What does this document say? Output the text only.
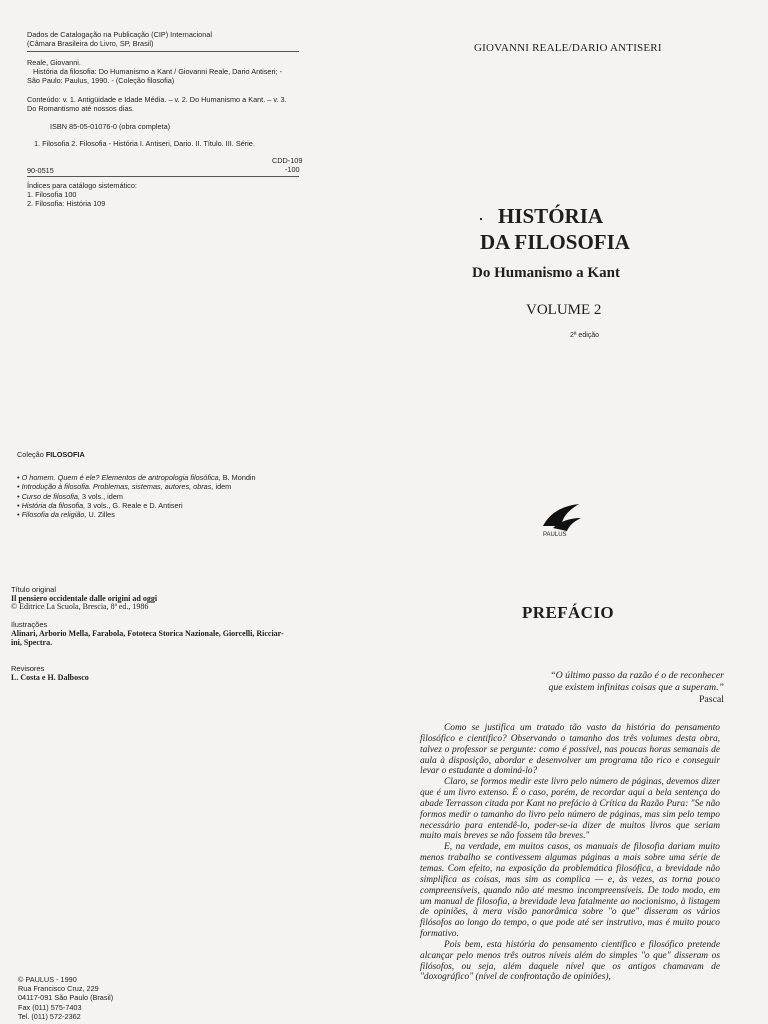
Dados de Catalogação na Publicação (CIP) Internacional
(Câmara Brasileira do Livro, SP, Brasil)
Reale, Giovanni.
História da filosofia: Do Humanismo a Kant / Giovanni Reale, Dario Antiseri; -
São Paulo: Paulus, 1990. - (Coleção filosofia)
Conteúdo: v. 1. Antigüidade e Idade Média. – v. 2. Do Humanismo a Kant. – v. 3.
Do Romantismo até nossos dias.
ISBN 85-05-01076-0 (obra completa)
1. Filosofia 2. Filosofia - História I. Antiseri, Dario. II. Título. III. Série.
CDD-109
90-0515	-100
Índices para catálogo sistemático:
1. Filosofia 100
2. Filosofia: História 109
Coleção FILOSOFIA
• O homem. Quem é ele? Elementos de antropologia filosófica, B. Mondin
• Introdução à filosofia. Problemas, sistemas, autores, obras, idem
• Curso de filosofia, 3 vols., idem
• História da filosofia, 3 vols., G. Reale e D. Antiseri
• Filosofia da religião, U. Zilles
GIOVANNI REALE/DARIO ANTISERI
HISTÓRIA
DA FILOSOFIA
Do Humanismo a Kant
VOLUME 2
2ª edição
PAULUS
Título original
Il pensiero occidentale dalle origini ad oggi
© Editrice La Scuola, Brescia, 8ª ed., 1986
Ilustrações
Alinari, Arborio Mella, Farabola, Fototeca Storica Nazionale, Giorcelli, Ricciar-
ini, Spectra.
Revisores
L. Costa e H. Dalbosco
© PAULUS - 1990
Rua Francisco Cruz, 229
04117-091 São Paulo (Brasil)
Fax (011) 575-7403
Tel. (011) 572-2362
PREFÁCIO
“O último passo da razão é o de reconhecer
que existem infinitas coisas que a superam.”
Pascal

Como se justifica um tratado tão vasto da história do pensamento filosófico e científico? Observando o tamanho dos três volumes desta obra, talvez o professor se pergunte: como é possível, nas poucas horas semanais de aula à disposição, abordar e desenvolver um programa tão rico e conseguir levar o estudante a dominá-lo?

Claro, se formos medir este livro pelo número de páginas, devemos dizer que é um livro extenso. É o caso, porém, de recordar aqui a bela sentença do abade Terrasson citada por Kant no prefácio à Crítica da Razão Pura: "Se não formos medir o tamanho do livro pelo número de páginas, mas sim pelo tempo necessário para entendê-lo, poder-se-ia dizer de muitos livros que seriam muito mais breves se não fossem tão breves."

E, na verdade, em muitos casos, os manuais de filosofia dariam muito menos trabalho se contivessem algumas páginas a mais sobre uma série de temas. Com efeito, na exposição da problemática filosófica, a brevidade não simplifica as coisas, mas sim as complica — e, às vezes, as torna pouco compreensíveis, quando não até mesmo incompreensíveis. De todo modo, em um manual de filosofia, a brevidade leva fatalmente ao nocionismo, à listagem de opiniões, à mera visão panorâmica sobre "o que" disseram os vários filósofos ao longo do tempo, o que pode até ser instrutivo, mas é muito pouco formativo.

Pois bem, esta história do pensamento científico e filosófico pretende alcançar pelo menos três outros níveis além do simples "o que" disseram os filósofos, ou seja, além daquele nível que os antigos chamavam de "doxográfico" (nível de confrontação de opiniões),
